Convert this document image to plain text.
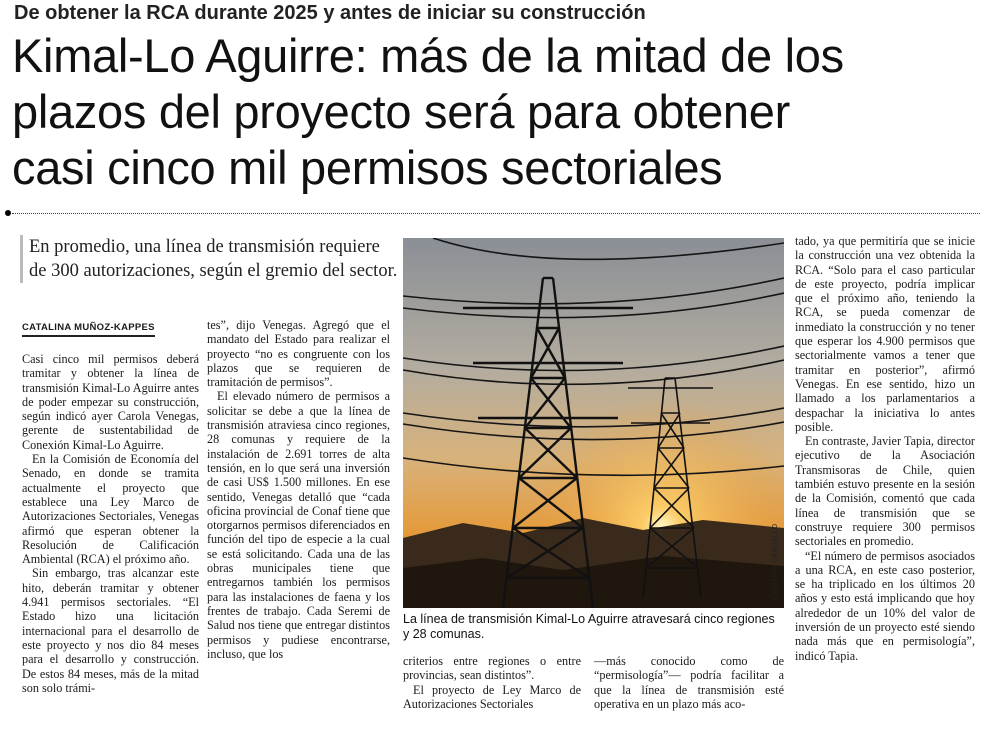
De obtener la RCA durante 2025 y antes de iniciar su construcción
Kimal-Lo Aguirre: más de la mitad de los
plazos del proyecto será para obtener
casi cinco mil permisos sectoriales
En promedio, una línea de transmisión requiere de 300 autorizaciones, según el gremio del sector.
CATALINA MUÑOZ-KAPPES

Casi cinco mil permisos deberá tramitar y obtener la línea de transmisión Kimal-Lo Aguirre antes de poder empezar su construcción, según indicó ayer Carola Venegas, gerente de sustentabilidad de Conexión Kimal-Lo Aguirre.

En la Comisión de Economía del Senado, en donde se tramita actualmente el proyecto que establece una Ley Marco de Autorizaciones Sectoriales, Venegas afirmó que esperan obtener la Resolución de Calificación Ambiental (RCA) el próximo año.

Sin embargo, tras alcanzar este hito, deberán tramitar y obtener 4.941 permisos sectoriales. “El Estado hizo una licitación internacional para el desarrollo de este proyecto y nos dio 84 meses para el desarrollo y construcción. De estos 84 meses, más de la mitad son solo trámi-

tes”, dijo Venegas. Agregó que el mandato del Estado para realizar el proyecto “no es congruente con los plazos que se requieren de tramitación de permisos”.

El elevado número de permisos a solicitar se debe a que la línea de transmisión atraviesa cinco regiones, 28 comunas y requiere de la instalación de 2.691 torres de alta tensión, en lo que será una inversión de casi US$ 1.500 millones. En ese sentido, Venegas detalló que “cada oficina provincial de Conaf tiene que otorgarnos permisos diferenciados en función del tipo de especie a la cual se está solicitando. Cada una de las obras municipales tiene que entregarnos también los permisos para las instalaciones de faena y los frentes de trabajo. Cada Seremi de Salud nos tiene que entregar distintos permisos y pudiese encontrarse, incluso, que los

CRISTIAN CARVALLO
La línea de transmisión Kimal-Lo Aguirre atravesará cinco regiones y 28 comunas.

criterios entre regiones o entre provincias, sean distintos”.

El proyecto de Ley Marco de Autorizaciones Sectoriales

—más conocido como de “permisología”— podría facilitar a que la línea de transmisión esté operativa en un plazo más aco-

tado, ya que permitiría que se inicie la construcción una vez obtenida la RCA. “Solo para el caso particular de este proyecto, podría implicar que el próximo año, teniendo la RCA, se pueda comenzar de inmediato la construcción y no tener que esperar los 4.900 permisos que sectorialmente vamos a tener que tramitar en posterior”, afirmó Venegas. En ese sentido, hizo un llamado a los parlamentarios a despachar la iniciativa lo antes posible.

En contraste, Javier Tapia, director ejecutivo de la Asociación Transmisoras de Chile, quien también estuvo presente en la sesión de la Comisión, comentó que cada línea de transmisión que se construye requiere 300 permisos sectoriales en promedio.

“El número de permisos asociados a una RCA, en este caso posterior, se ha triplicado en los últimos 20 años y esto está implicando que hoy alrededor de un 10% del valor de inversión de un proyecto esté siendo nada más que en permisología”, indicó Tapia.
